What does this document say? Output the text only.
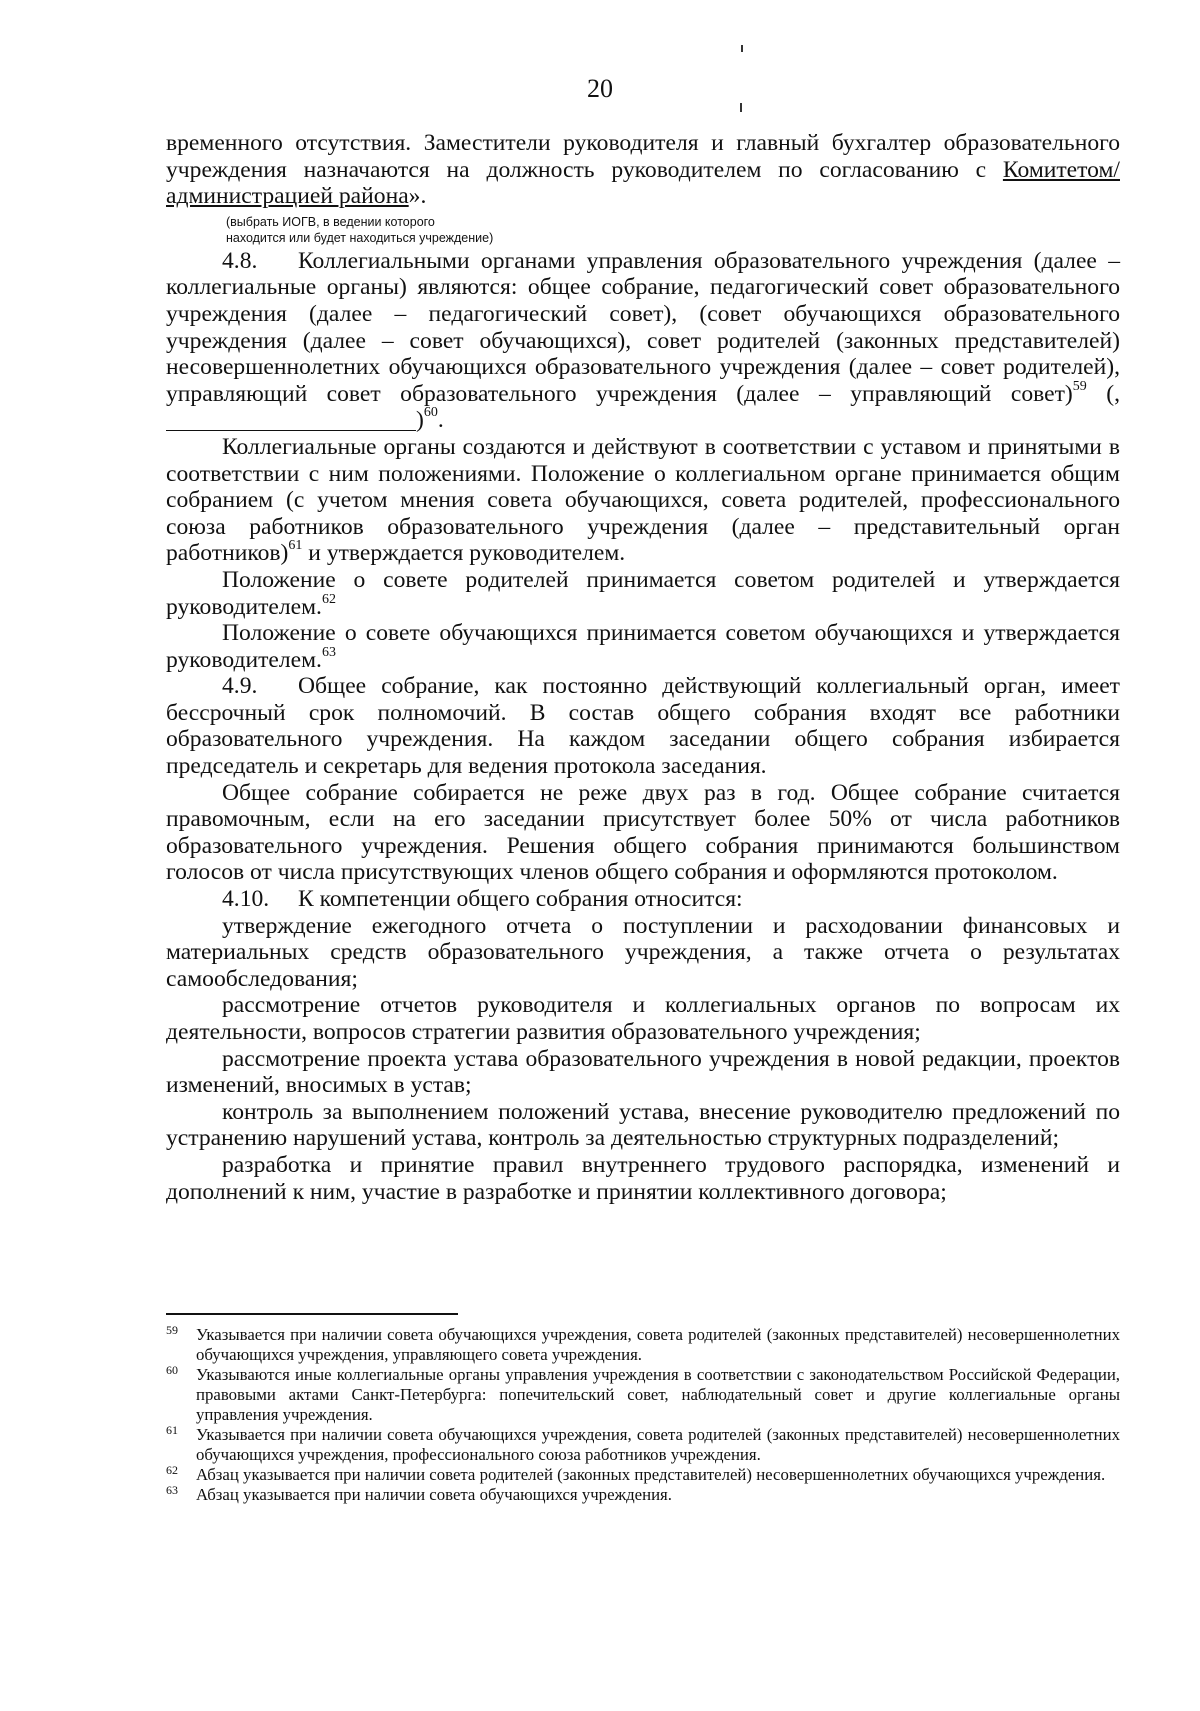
20

временного отсутствия. Заместители руководителя и главный бухгалтер образовательного учреждения назначаются на должность руководителем по согласованию с Комитетом/администрацией района».

(выбрать ИОГВ, в ведении которого
находится или будет находиться учреждение)

4.8. Коллегиальными органами управления образовательного учреждения (далее – коллегиальные органы) являются: общее собрание, педагогический совет образовательного учреждения (далее – педагогический совет), (совет обучающихся образовательного учреждения (далее – совет обучающихся), совет родителей (законных представителей) несовершеннолетних обучающихся образовательного учреждения (далее – совет родителей), управляющий совет образовательного учреждения (далее – управляющий совет)$^{59}$ (,)$^{60}$.

Коллегиальные органы создаются и действуют в соответствии с уставом и принятыми в соответствии с ним положениями. Положение о коллегиальном органе принимается общим собранием (с учетом мнения совета обучающихся, совета родителей, профессионального союза работников образовательного учреждения (далее – представительный орган работников)$^{61}$ и утверждается руководителем.

Положение о совете родителей принимается советом родителей и утверждается руководителем.$^{62}$

Положение о совете обучающихся принимается советом обучающихся и утверждается руководителем.$^{63}$

4.9. Общее собрание, как постоянно действующий коллегиальный орган, имеет бессрочный срок полномочий. В состав общего собрания входят все работники образовательного учреждения. На каждом заседании общего собрания избирается председатель и секретарь для ведения протокола заседания.

Общее собрание собирается не реже двух раз в год. Общее собрание считается правомочным, если на его заседании присутствует более 50% от числа работников образовательного учреждения. Решения общего собрания принимаются большинством голосов от числа присутствующих членов общего собрания и оформляются протоколом.

4.10. К компетенции общего собрания относится:

утверждение ежегодного отчета о поступлении и расходовании финансовых и материальных средств образовательного учреждения, а также отчета о результатах самообследования;

рассмотрение отчетов руководителя и коллегиальных органов по вопросам их деятельности, вопросов стратегии развития образовательного учреждения;

рассмотрение проекта устава образовательного учреждения в новой редакции, проектов изменений, вносимых в устав;

контроль за выполнением положений устава, внесение руководителю предложений по устранению нарушений устава, контроль за деятельностью структурных подразделений;

разработка и принятие правил внутреннего трудового распорядка, изменений и дополнений к ним, участие в разработке и принятии коллективного договора;

59	Указывается при наличии совета обучающихся учреждения, совета родителей (законных представителей) несовершеннолетних обучающихся учреждения, управляющего совета учреждения.
60	Указываются иные коллегиальные органы управления учреждения в соответствии с законодательством Российской Федерации, правовыми актами Санкт-Петербурга: попечительский совет, наблюдательный совет и другие коллегиальные органы управления учреждения.
61	Указывается при наличии совета обучающихся учреждения, совета родителей (законных представителей) несовершеннолетних обучающихся учреждения, профессионального союза работников учреждения.
62	Абзац указывается при наличии совета родителей (законных представителей) несовершеннолетних обучающихся учреждения.
63	Абзац указывается при наличии совета обучающихся учреждения.
